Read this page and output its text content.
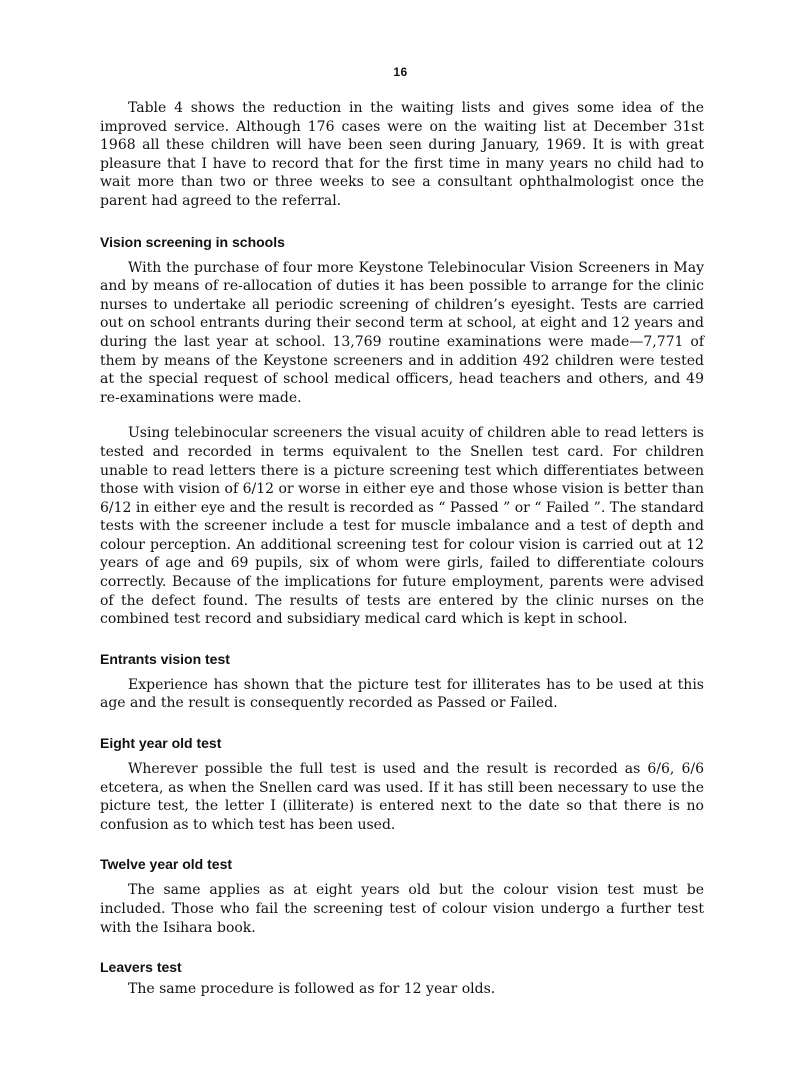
16

Table 4 shows the reduction in the waiting lists and gives some idea of the improved service. Although 176 cases were on the waiting list at December 31st 1968 all these children will have been seen during January, 1969. It is with great pleasure that I have to record that for the first time in many years no child had to wait more than two or three weeks to see a consultant ophthalmologist once the parent had agreed to the referral.

Vision screening in schools

With the purchase of four more Keystone Telebinocular Vision Screeners in May and by means of re-allocation of duties it has been possible to arrange for the clinic nurses to undertake all periodic screening of children’s eyesight. Tests are carried out on school entrants during their second term at school, at eight and 12 years and during the last year at school. 13,769 routine examinations were made—7,771 of them by means of the Keystone screeners and in addition 492 children were tested at the special request of school medical officers, head teachers and others, and 49 re-examinations were made.

Using telebinocular screeners the visual acuity of children able to read letters is tested and recorded in terms equivalent to the Snellen test card. For children unable to read letters there is a picture screening test which differentiates between those with vision of 6/12 or worse in either eye and those whose vision is better than 6/12 in either eye and the result is recorded as “ Passed ” or “ Failed ”. The standard tests with the screener include a test for muscle imbalance and a test of depth and colour perception. An additional screening test for colour vision is carried out at 12 years of age and 69 pupils, six of whom were girls, failed to differentiate colours correctly. Because of the implications for future employment, parents were advised of the defect found. The results of tests are entered by the clinic nurses on the combined test record and subsidiary medical card which is kept in school.

Entrants vision test

Experience has shown that the picture test for illiterates has to be used at this age and the result is consequently recorded as Passed or Failed.

Eight year old test

Wherever possible the full test is used and the result is recorded as 6/6, 6/6 etcetera, as when the Snellen card was used. If it has still been necessary to use the picture test, the letter I (illiterate) is entered next to the date so that there is no confusion as to which test has been used.

Twelve year old test

The same applies as at eight years old but the colour vision test must be included. Those who fail the screening test of colour vision undergo a further test with the Isihara book.

Leavers test

The same procedure is followed as for 12 year olds.
